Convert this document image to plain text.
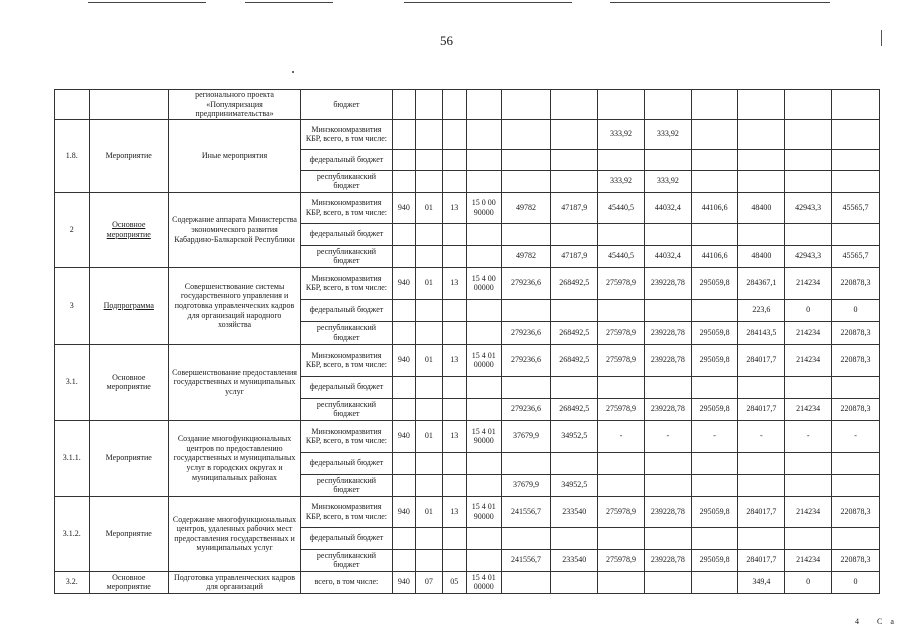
56
		регионального проекта «Популяризация предпринимательства»	бюджет												
1.8.	Мероприятие	Иные мероприятия	Минэкономразвития КБР, всего, в том числе:							333,92	333,92				
			федеральный бюджет												
			республиканский бюджет							333,92	333,92				
2	Основное мероприятие	Содержание аппарата Министерства экономического развития Кабардино-Балкарской Республики	Минэкономразвития КБР, всего, в том числе:	940	01	13	15 0 00 90000	49782	47187,9	45440,5	44032,4	44106,6	48400	42943,3	45565,7
			федеральный бюджет												
			республиканский бюджет					49782	47187,9	45440,5	44032,4	44106,6	48400	42943,3	45565,7
3	Подпрограмма	Совершенствование системы государственного управления и подготовка управленческих кадров для организаций народного хозяйства	Минэкономразвития КБР, всего, в том числе:	940	01	13	15 4 00 00000	279236,6	268492,5	275978,9	239228,78	295059,8	284367,1	214234	220878,3
			федеральный бюджет										223,6	0	0
			республиканский бюджет					279236,6	268492,5	275978,9	239228,78	295059,8	284143,5	214234	220878,3
3.1.	Основное мероприятие	Совершенствование предоставления государственных и муниципальных услуг	Минэкономразвития КБР, всего, в том числе:	940	01	13	15 4 01 00000	279236,6	268492,5	275978,9	239228,78	295059,8	284017,7	214234	220878,3
			федеральный бюджет												
			республиканский бюджет					279236,6	268492,5	275978,9	239228,78	295059,8	284017,7	214234	220878,3
3.1.1.	Мероприятие	Создание многофункциональных центров по предоставлению государственных и муниципальных услуг в городских округах и муниципальных районах	Минэкономразвития КБР, всего, в том числе:	940	01	13	15 4 01 90000	37679,9	34952,5	-	-	-	-	-	-
			федеральный бюджет												
			республиканский бюджет					37679,9	34952,5						
3.1.2.	Мероприятие	Содержание многофункциональных центров, удаленных рабочих мест предоставления государственных и муниципальных услуг	Минэкономразвития КБР, всего, в том числе:	940	01	13	15 4 01 90000	241556,7	233540	275978,9	239228,78	295059,8	284017,7	214234	220878,3
			федеральный бюджет												
			республиканский бюджет					241556,7	233540	275978,9	239228,78	295059,8	284017,7	214234	220878,3
3.2.	Основное мероприятие	Подготовка управленческих кадров для организаций	всего, в том числе:	940	07	05	15 4 01 00000						349,4	0	0
4 Ca
